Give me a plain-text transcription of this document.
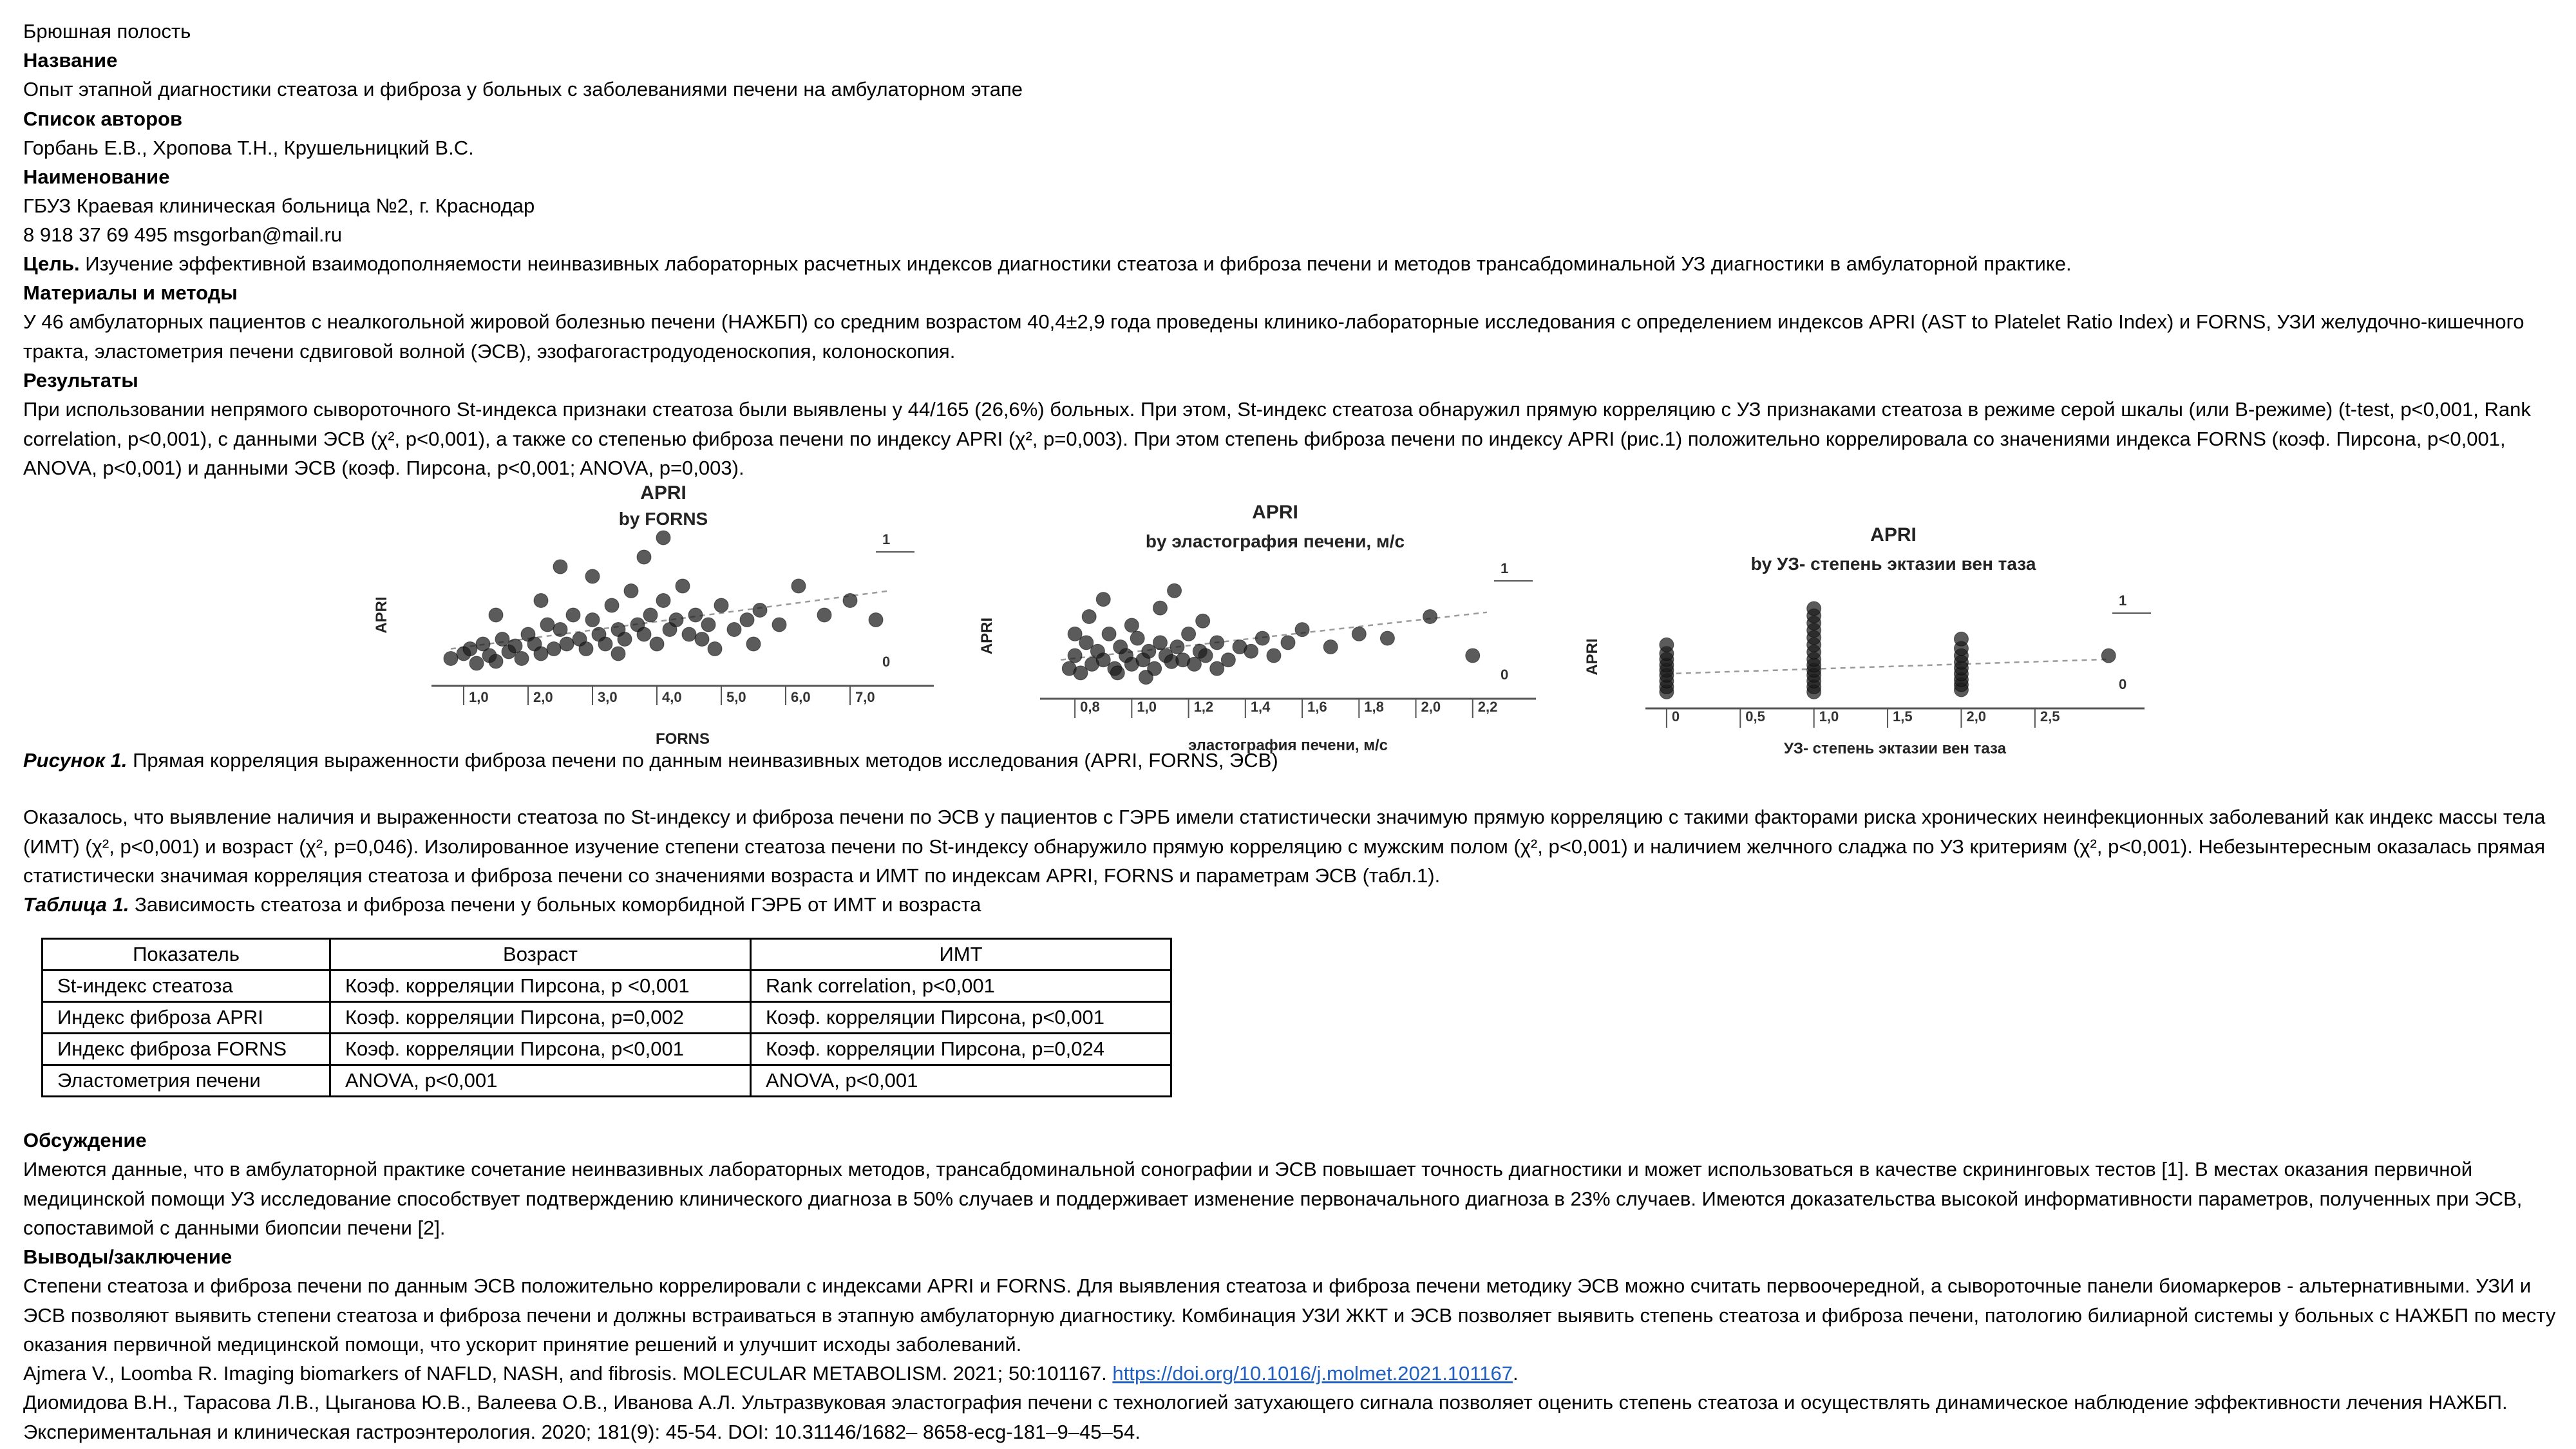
Брюшная полость
Название
Опыт этапной диагностики стеатоза и фиброза у больных с заболеваниями печени на амбулаторном этапе
Список авторов
Горбань Е.В., Хропова Т.Н., Крушельницкий В.С.
Наименование
ГБУЗ Краевая клиническая больница №2, г. Краснодар
8 918 37 69 495 msgorban@mail.ru
Цель. Изучение эффективной взаимодополняемости неинвазивных лабораторных расчетных индексов диагностики стеатоза и фиброза печени и методов трансабдоминальной УЗ диагностики в амбулаторной практике.
Материалы и методы
У 46 амбулаторных пациентов с неалкогольной жировой болезнью печени (НАЖБП) со средним возрастом 40,4±2,9 года проведены клинико-лабораторные исследования с определением индексов APRI (AST to Platelet Ratio Index) и FORNS, УЗИ желудочно-кишечного тракта, эластометрия печени сдвиговой волной (ЭСВ), эзофагогастродуоденоскопия, колоноскопия.
Результаты
При использовании непрямого сывороточного St-индекса признаки стеатоза были выявлены у 44/165 (26,6%) больных. При этом, St-индекс стеатоза обнаружил прямую корреляцию с УЗ признаками стеатоза в режиме серой шкалы (или B-режиме) (t-test, p<0,001, Rank correlation, p<0,001), с данными ЭСВ (χ², p<0,001), а также со степенью фиброза печени по индексу APRI (χ², p=0,003). При этом степень фиброза печени по индексу APRI (рис.1) положительно коррелировала со значениями индекса FORNS (коэф. Пирсона, p<0,001, ANOVA, p<0,001) и данными ЭСВ (коэф. Пирсона, p<0,001; ANOVA, p=0,003).
APRI
by FORNS
APRI
1,0	2,0	3,0	4,0	5,0	6,0	7,0
FORNS
1
0
APRI
by эластография печени, м/с
APRI
0,8	1,0	1,2	1,4	1,6	1,8	2,0	2,2
эластография печени, м/с
1
0
APRI
by УЗ- степень эктазии вен таза
APRI
0	0,5	1,0	1,5	2,0	2,5
УЗ- степень эктазии вен таза
1
0
Рисунок 1. Прямая корреляция выраженности фиброза печени по данным неинвазивных методов исследования (APRI, FORNS, ЭСВ)
Оказалось, что выявление наличия и выраженности стеатоза по St-индексу и фиброза печени по ЭСВ у пациентов с ГЭРБ имели статистически значимую прямую корреляцию с такими факторами риска хронических неинфекционных заболеваний как индекс массы тела (ИМТ) (χ², p<0,001) и возраст (χ², p=0,046). Изолированное изучение степени стеатоза печени по St-индексу обнаружило прямую корреляцию с мужским полом (χ², p<0,001) и наличием желчного сладжа по УЗ критериям (χ², p<0,001). Небезынтересным оказалась прямая статистически значимая корреляция стеатоза и фиброза печени со значениями возраста и ИМТ по индексам APRI, FORNS и параметрам ЭСВ (табл.1).
Таблица 1. Зависимость стеатоза и фиброза печени у больных коморбидной ГЭРБ от ИМТ и возраста
Показатель	Возраст	ИМТ
St-индекс стеатоза	Коэф. корреляции Пирсона, p <0,001	Rank correlation, p<0,001
Индекс фиброза APRI	Коэф. корреляции Пирсона, p=0,002	Коэф. корреляции Пирсона, p<0,001
Индекс фиброза FORNS	Коэф. корреляции Пирсона, p<0,001	Коэф. корреляции Пирсона, p=0,024
Эластометрия печени	ANOVA, p<0,001	ANOVA, p<0,001
Обсуждение
Имеются данные, что в амбулаторной практике сочетание неинвазивных лабораторных методов, трансабдоминальной сонографии и ЭСВ повышает точность диагностики и может использоваться в качестве скрининговых тестов [1]. В местах оказания первичной медицинской помощи УЗ исследование способствует подтверждению клинического диагноза в 50% случаев и поддерживает изменение первоначального диагноза в 23% случаев. Имеются доказательства высокой информативности параметров, полученных при ЭСВ, сопоставимой с данными биопсии печени [2].
Выводы/заключение
Степени стеатоза и фиброза печени по данным ЭСВ положительно коррелировали с индексами APRI и FORNS. Для выявления стеатоза и фиброза печени методику ЭСВ можно считать первоочередной, а сывороточные панели биомаркеров - альтернативными. УЗИ и ЭСВ позволяют выявить степени стеатоза и фиброза печени и должны встраиваться в этапную амбулаторную диагностику. Комбинация УЗИ ЖКТ и ЭСВ позволяет выявить степень стеатоза и фиброза печени, патологию билиарной системы у больных с НАЖБП по месту оказания первичной медицинской помощи, что ускорит принятие решений и улучшит исходы заболеваний.
Ajmera V., Loomba R. Imaging biomarkers of NAFLD, NASH, and fibrosis. MOLECULAR METABOLISM. 2021; 50:101167. https://doi.org/10.1016/j.molmet.2021.101167.
Диомидова В.Н., Тарасова Л.В., Цыганова Ю.В., Валеева О.В., Иванова А.Л. Ультразвуковая эластография печени с технологией затухающего сигнала позволяет оценить степень стеатоза и осуществлять динамическое наблюдение эффективности лечения НАЖБП. Экспериментальная и клиническая гастроэнтерология. 2020; 181(9): 45-54. DOI: 10.31146/1682– 8658-ecg-181–9–45–54.
